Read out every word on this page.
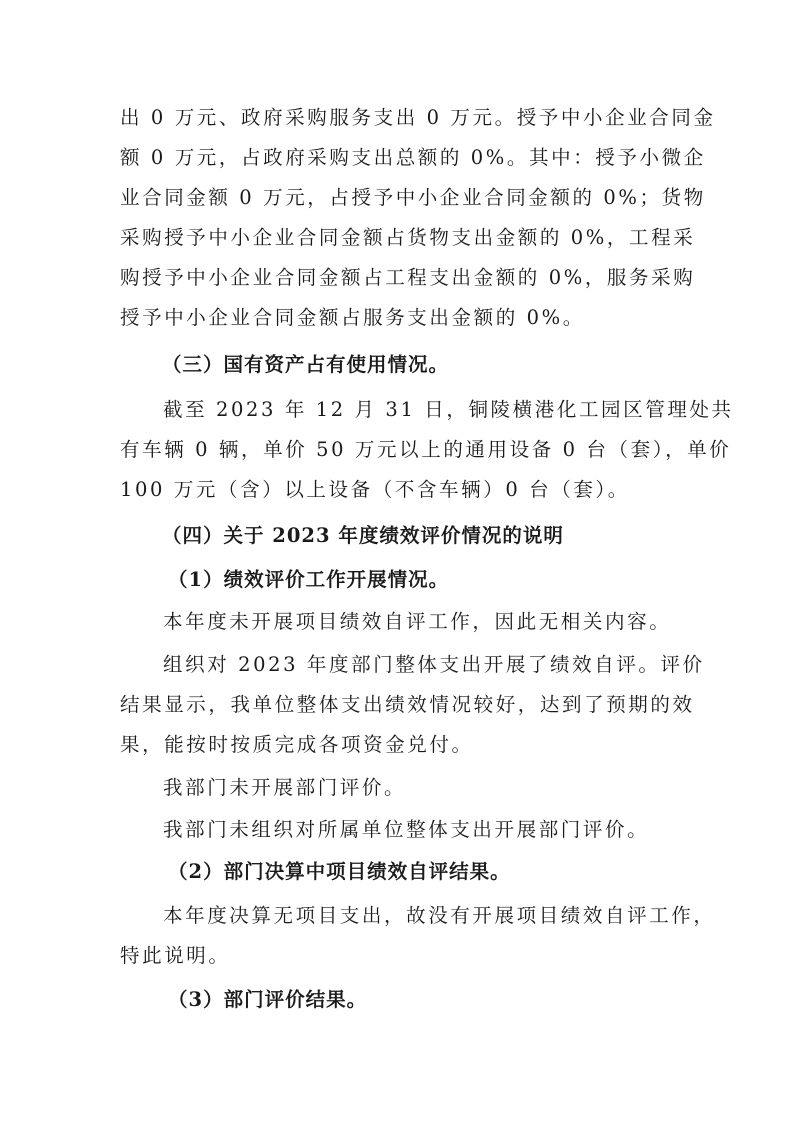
出 0 万元、政府采购服务支出 0 万元。授予中小企业合同金
额 0 万元，占政府采购支出总额的 0%。其中：授予小微企
业合同金额 0 万元，占授予中小企业合同金额的 0%；货物
采购授予中小企业合同金额占货物支出金额的 0%，工程采
购授予中小企业合同金额占工程支出金额的 0%，服务采购
授予中小企业合同金额占服务支出金额的 0%。
（三）国有资产占有使用情况。
截至 2023 年 12 月 31 日，铜陵横港化工园区管理处共
有车辆 0 辆，单价 50 万元以上的通用设备 0 台（套），单价
100 万元（含）以上设备（不含车辆）0 台（套）。
（四）关于 2023 年度绩效评价情况的说明
（1）绩效评价工作开展情况。
本年度未开展项目绩效自评工作，因此无相关内容。
组织对 2023 年度部门整体支出开展了绩效自评。评价
结果显示，我单位整体支出绩效情况较好，达到了预期的效
果，能按时按质完成各项资金兑付。
我部门未开展部门评价。
我部门未组织对所属单位整体支出开展部门评价。
（2）部门决算中项目绩效自评结果。
本年度决算无项目支出，故没有开展项目绩效自评工作，
特此说明。
（3）部门评价结果。
